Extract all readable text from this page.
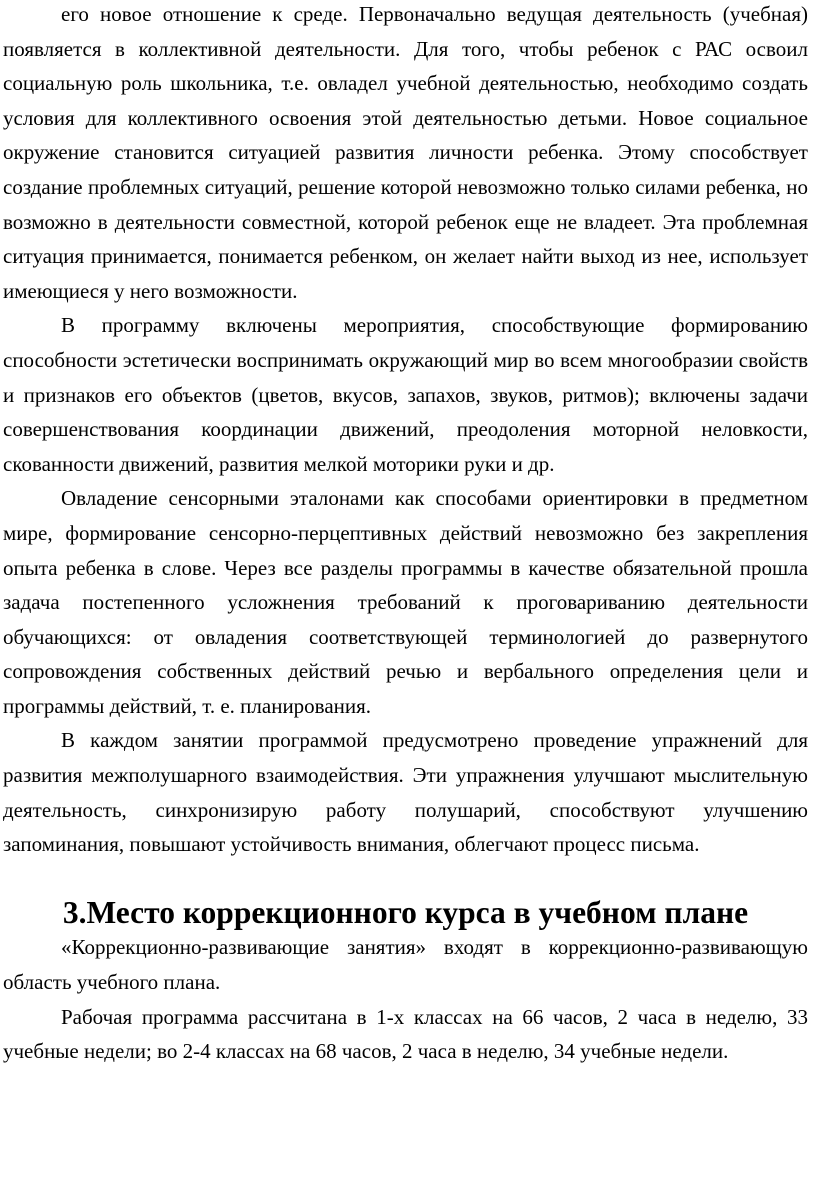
его новое отношение к среде. Первоначально ведущая деятельность (учебная) появляется в коллективной деятельности. Для того, чтобы ребенок с РАС освоил социальную роль школьника, т.е. овладел учебной деятельностью, необходимо создать условия для коллективного освоения этой деятельностью детьми. Новое социальное окружение становится ситуацией развития личности ребенка. Этому способствует создание проблемных ситуаций, решение которой невозможно только силами ребенка, но возможно в деятельности совместной, которой ребенок еще не владеет. Эта проблемная ситуация принимается, понимается ребенком, он желает найти выход из нее, использует имеющиеся у него возможности.

В программу включены мероприятия, способствующие формированию способности эстетически воспринимать окружающий мир во всем многообразии свойств и признаков его объектов (цветов, вкусов, запахов, звуков, ритмов); включены задачи совершенствования координации движений, преодоления моторной неловкости, скованности движений, развития мелкой моторики руки и др.

Овладение сенсорными эталонами как способами ориентировки в предметном мире, формирование сенсорно-перцептивных действий невозможно без закрепления опыта ребенка в слове. Через все разделы программы в качестве обязательной прошла задача постепенного усложнения требований к проговариванию деятельности обучающихся: от овладения соответствующей терминологией до развернутого сопровождения собственных действий речью и вербального определения цели и программы действий, т. е. планирования.

В каждом занятии программой предусмотрено проведение упражнений для развития межполушарного взаимодействия. Эти упражнения улучшают мыслительную деятельность, синхронизирую работу полушарий, способствуют улучшению запоминания, повышают устойчивость внимания, облегчают процесс письма.

3.Место коррекционного курса в учебном плане

«Коррекционно-развивающие занятия» входят в коррекционно-развивающую область учебного плана.

Рабочая программа рассчитана в 1-х классах на 66 часов, 2 часа в неделю, 33 учебные недели; во 2-4 классах на 68 часов, 2 часа в неделю, 34 учебные недели.
